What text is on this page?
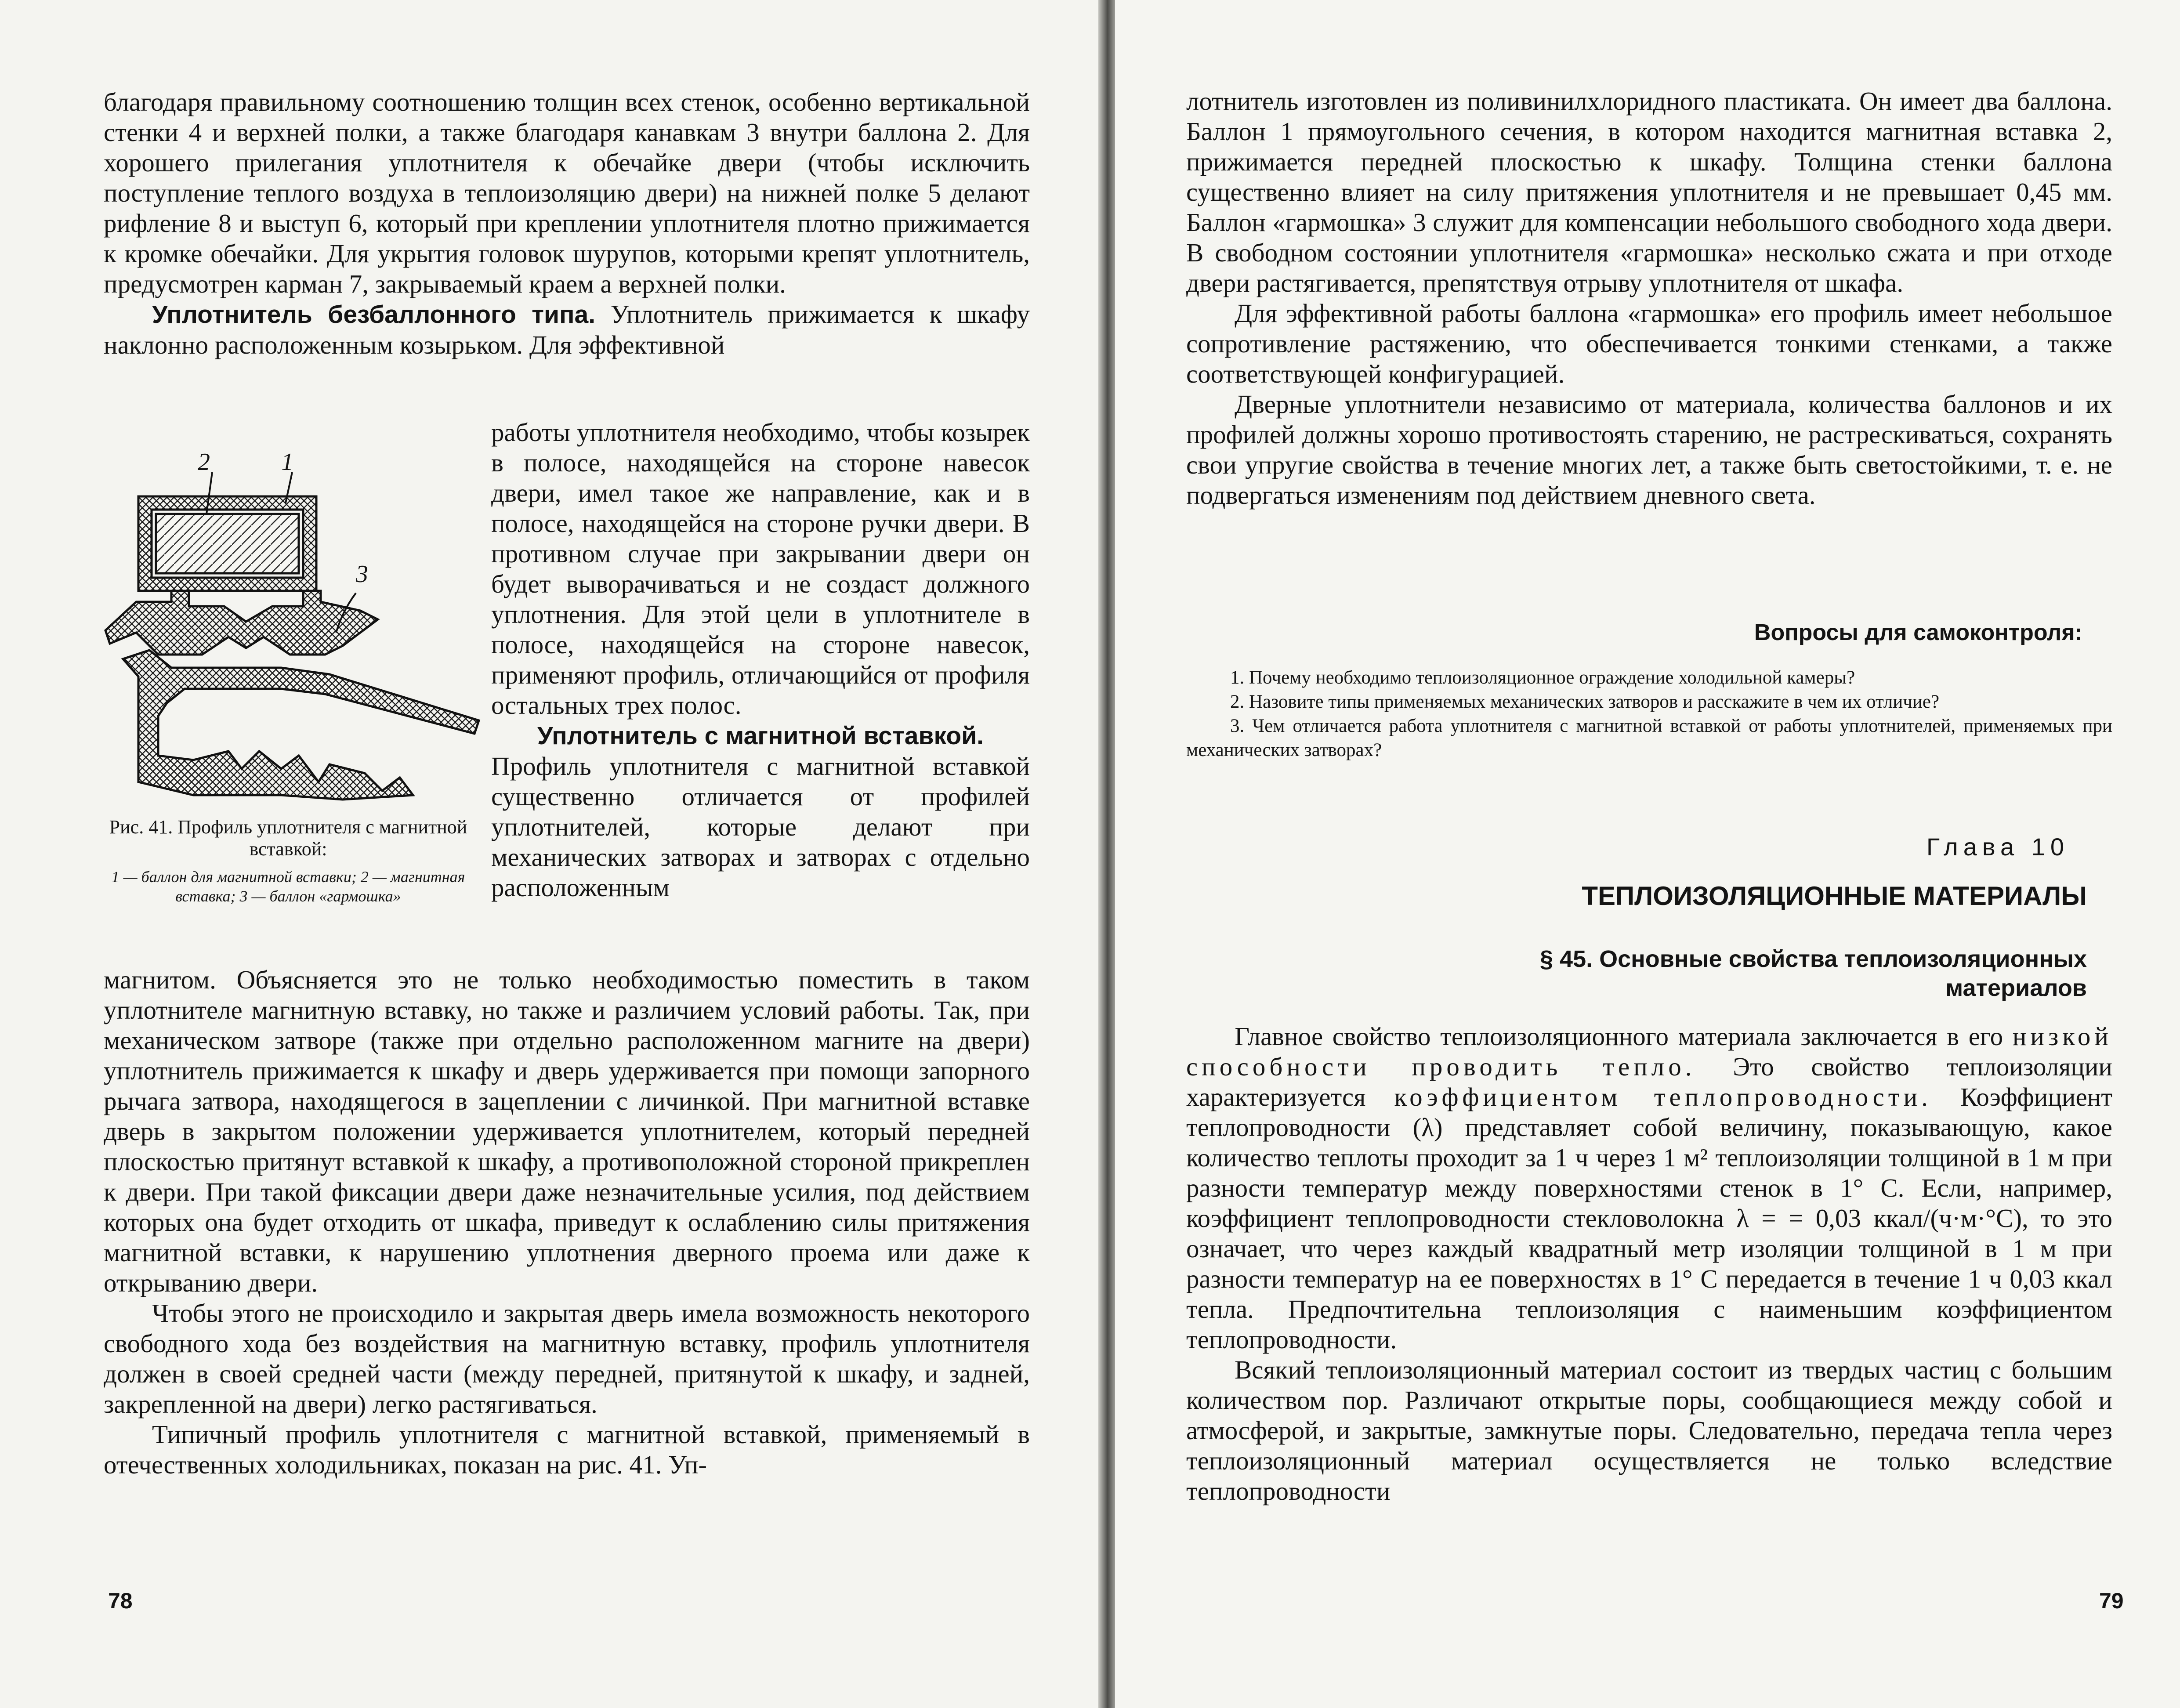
благодаря правильному соотношению толщин всех стенок, особенно вертикальной стенки 4 и верхней полки, а также благодаря канавкам 3 внутри баллона 2. Для хорошего прилегания уплотнителя к обечайке двери (чтобы исключить поступление теплого воздуха в теплоизоляцию двери) на нижней полке 5 делают рифление 8 и выступ 6, который при креплении уплотнителя плотно прижимается к кромке обечайки. Для укрытия головок шурупов, которыми крепят уплотнитель, предусмотрен карман 7, закрываемый краем а верхней полки.

Уплотнитель безбаллонного типа. Уплотнитель прижимается к шкафу наклонно расположенным козырьком. Для эффективной

2	1
3

Рис. 41. Профиль уплотнителя с магнитной вставкой:

1 — баллон для магнитной вставки; 2 — магнитная вставка; 3 — баллон «гармошка»

работы уплотнителя необходимо, чтобы козырек в полосе, находящейся на стороне навесок двери, имел такое же направление, как и в полосе, находящейся на стороне ручки двери. В противном случае при закрывании двери он будет выворачиваться и не создаст должного уплотнения. Для этой цели в уплотнителе в полосе, находящейся на стороне навесок, применяют профиль, отличающийся от профиля остальных трех полос.

Уплотнитель с магнитной вставкой.

Профиль уплотнителя с магнитной вставкой существенно отличается от профилей уплотнителей, которые делают при механических затворах и затворах с отдельно расположенным

магнитом. Объясняется это не только необходимостью поместить в таком уплотнителе магнитную вставку, но также и различием условий работы. Так, при механическом затворе (также при отдельно расположенном магните на двери) уплотнитель прижимается к шкафу и дверь удерживается при помощи запорного рычага затвора, находящегося в зацеплении с личинкой. При магнитной вставке дверь в закрытом положении удерживается уплотнителем, который передней плоскостью притянут вставкой к шкафу, а противоположной стороной прикреплен к двери. При такой фиксации двери даже незначительные усилия, под действием которых она будет отходить от шкафа, приведут к ослаблению силы притяжения магнитной вставки, к нарушению уплотнения дверного проема или даже к открыванию двери.

Чтобы этого не происходило и закрытая дверь имела возможность некоторого свободного хода без воздействия на магнитную вставку, профиль уплотнителя должен в своей средней части (между передней, притянутой к шкафу, и задней, закрепленной на двери) легко растягиваться.

Типичный профиль уплотнителя с магнитной вставкой, применяемый в отечественных холодильниках, показан на рис. 41. Уп-

78

лотнитель изготовлен из поливинилхлоридного пластиката. Он имеет два баллона. Баллон 1 прямоугольного сечения, в котором находится магнитная вставка 2, прижимается передней плоскостью к шкафу. Толщина стенки баллона существенно влияет на силу притяжения уплотнителя и не превышает 0,45 мм. Баллон «гармошка» 3 служит для компенсации небольшого свободного хода двери. В свободном состоянии уплотнителя «гармошка» несколько сжата и при отходе двери растягивается, препятствуя отрыву уплотнителя от шкафа.

Для эффективной работы баллона «гармошка» его профиль имеет небольшое сопротивление растяжению, что обеспечивается тонкими стенками, а также соответствующей конфигурацией.

Дверные уплотнители независимо от материала, количества баллонов и их профилей должны хорошо противостоять старению, не растрескиваться, сохранять свои упругие свойства в течение многих лет, а также быть светостойкими, т. е. не подвергаться изменениям под действием дневного света.

Вопросы для самоконтроля:

1. Почему необходимо теплоизоляционное ограждение холодильной камеры?

2. Назовите типы применяемых механических затворов и расскажите в чем их отличие?

3. Чем отличается работа уплотнителя с магнитной вставкой от работы уплотнителей, применяемых при механических затворах?

Глава 10

ТЕПЛОИЗОЛЯЦИОННЫЕ МАТЕРИАЛЫ

§ 45. Основные свойства теплоизоляционных

материалов

Главное свойство теплоизоляционного материала заключается в его низкой способности проводить тепло. Это свойство теплоизоляции характеризуется коэффициентом теплопроводности. Коэффициент теплопроводности (λ) представляет собой величину, показывающую, какое количество теплоты проходит за 1 ч через 1 м² теплоизоляции толщиной в 1 м при разности температур между поверхностями стенок в 1° С. Если, например, коэффициент теплопроводности стекловолокна λ = = 0,03 ккал/(ч·м·°С), то это означает, что через каждый квадратный метр изоляции толщиной в 1 м при разности температур на ее поверхностях в 1° С передается в течение 1 ч 0,03 ккал тепла. Предпочтительна теплоизоляция с наименьшим коэффициентом теплопроводности.

Всякий теплоизоляционный материал состоит из твердых частиц с большим количеством пор. Различают открытые поры, сообщающиеся между собой и атмосферой, и закрытые, замкнутые поры. Следовательно, передача тепла через теплоизоляционный материал осуществляется не только вследствие теплопроводности

79
